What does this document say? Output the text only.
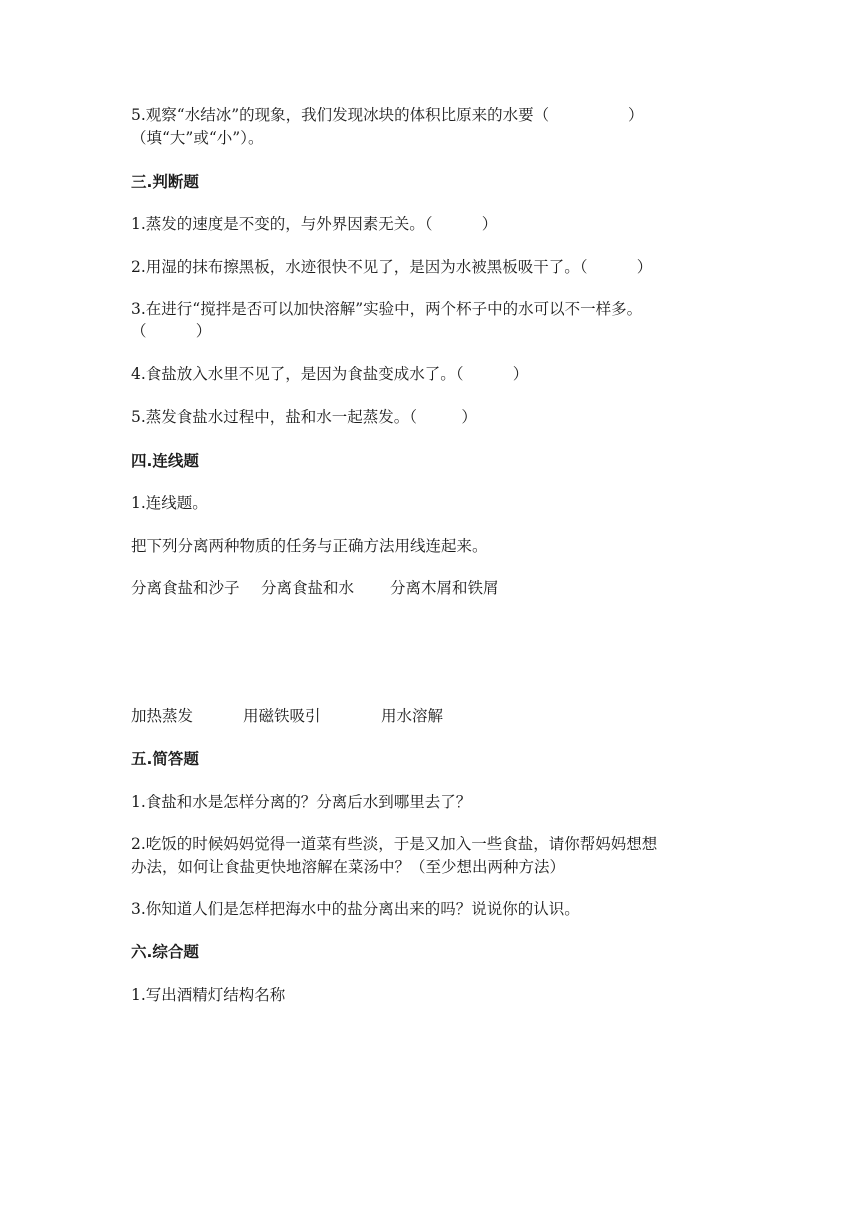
5.观察“水结冰”的现象，我们发现冰块的体积比原来的水要（                ）
（填“大”或“小”）。
三.判断题
1.蒸发的速度是不变的，与外界因素无关。（          ）
2.用湿的抹布擦黑板，水迹很快不见了，是因为水被黑板吸干了。（          ）
3.在进行“搅拌是否可以加快溶解”实验中，两个杯子中的水可以不一样多。
（          ）
4.食盐放入水里不见了，是因为食盐变成水了。（          ）
5.蒸发食盐水过程中，盐和水一起蒸发。（         ）
四.连线题
1.连线题。
把下列分离两种物质的任务与正确方法用线连起来。
分离食盐和沙子 分离食盐和水 分离木屑和铁屑
加热蒸发	用磁铁吸引	用水溶解
五.简答题
1.食盐和水是怎样分离的？分离后水到哪里去了？
2.吃饭的时候妈妈觉得一道菜有些淡，于是又加入一些食盐，请你帮妈妈想想
办法，如何让食盐更快地溶解在菜汤中？（至少想出两种方法）
3.你知道人们是怎样把海水中的盐分离出来的吗？说说你的认识。
六.综合题
1.写出酒精灯结构名称
